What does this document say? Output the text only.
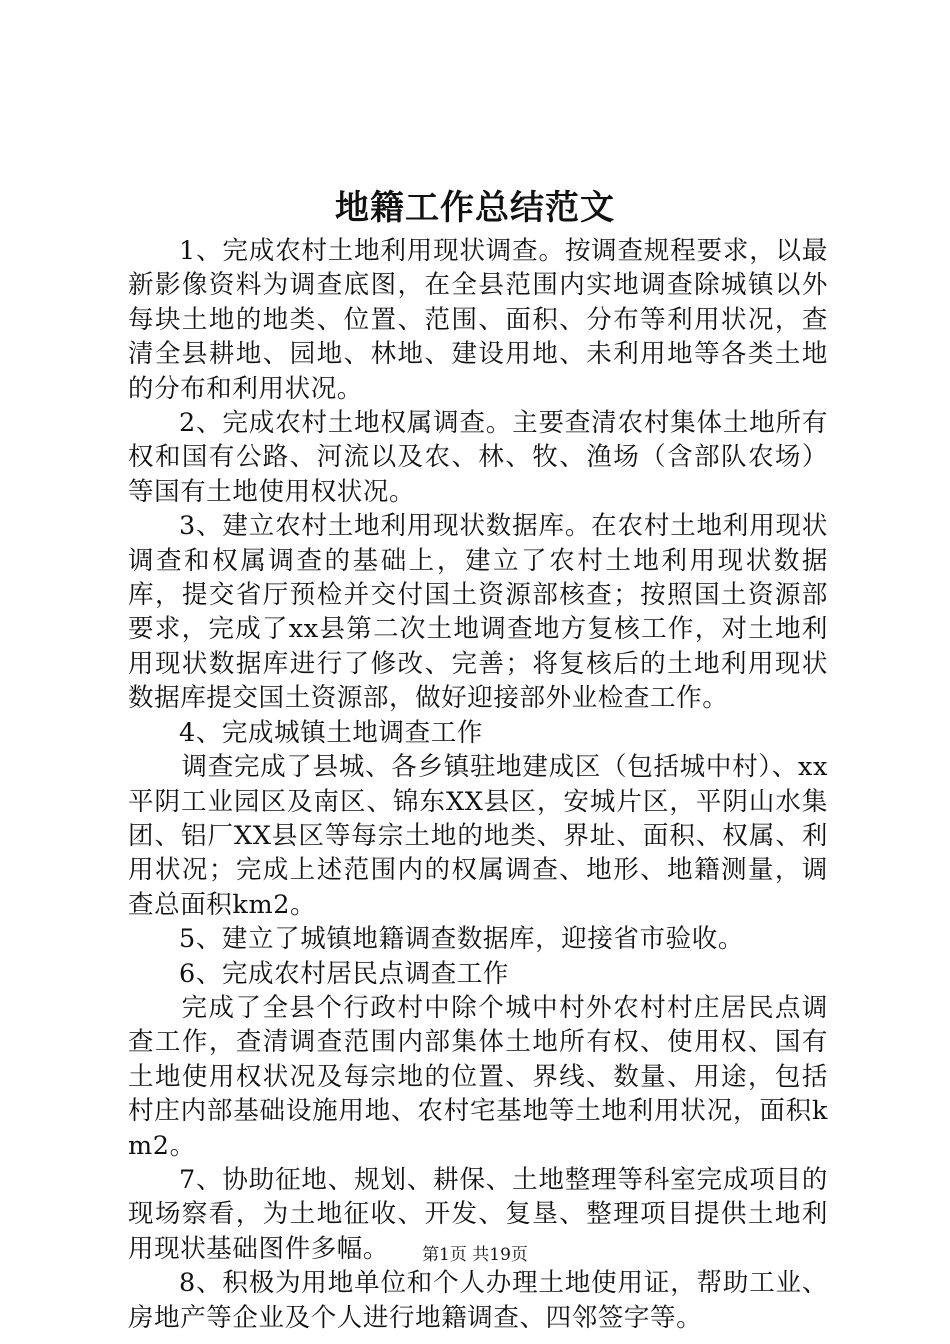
地籍工作总结范文

1、完成农村土地利用现状调查。按调查规程要求，以最新影像资料为调查底图，在全县范围内实地调查除城镇以外每块土地的地类、位置、范围、面积、分布等利用状况，查清全县耕地、园地、林地、建设用地、未利用地等各类土地的分布和利用状况。

2、完成农村土地权属调查。主要查清农村集体土地所有权和国有公路、河流以及农、林、牧、渔场（含部队农场）等国有土地使用权状况。

3、建立农村土地利用现状数据库。在农村土地利用现状调查和权属调查的基础上，建立了农村土地利用现状数据库，提交省厅预检并交付国土资源部核查；按照国土资源部要求，完成了xx县第二次土地调查地方复核工作，对土地利用现状数据库进行了修改、完善；将复核后的土地利用现状数据库提交国土资源部，做好迎接部外业检查工作。

4、完成城镇土地调查工作

调查完成了县城、各乡镇驻地建成区（包括城中村）、xx平阴工业园区及南区、锦东XX县区，安城片区，平阴山水集团、铝厂XX县区等每宗土地的地类、界址、面积、权属、利用状况；完成上述范围内的权属调查、地形、地籍测量，调查总面积km2。

5、建立了城镇地籍调查数据库，迎接省市验收。

6、完成农村居民点调查工作

完成了全县个行政村中除个城中村外农村村庄居民点调查工作，查清调查范围内部集体土地所有权、使用权、国有土地使用权状况及每宗地的位置、界线、数量、用途，包括村庄内部基础设施用地、农村宅基地等土地利用状况，面积km2。

7、协助征地、规划、耕保、土地整理等科室完成项目的现场察看，为土地征收、开发、复垦、整理项目提供土地利用现状基础图件多幅。

8、积极为用地单位和个人办理土地使用证，帮助工业、房地产等企业及个人进行地籍调查、四邻签字等。

第1页 共19页
